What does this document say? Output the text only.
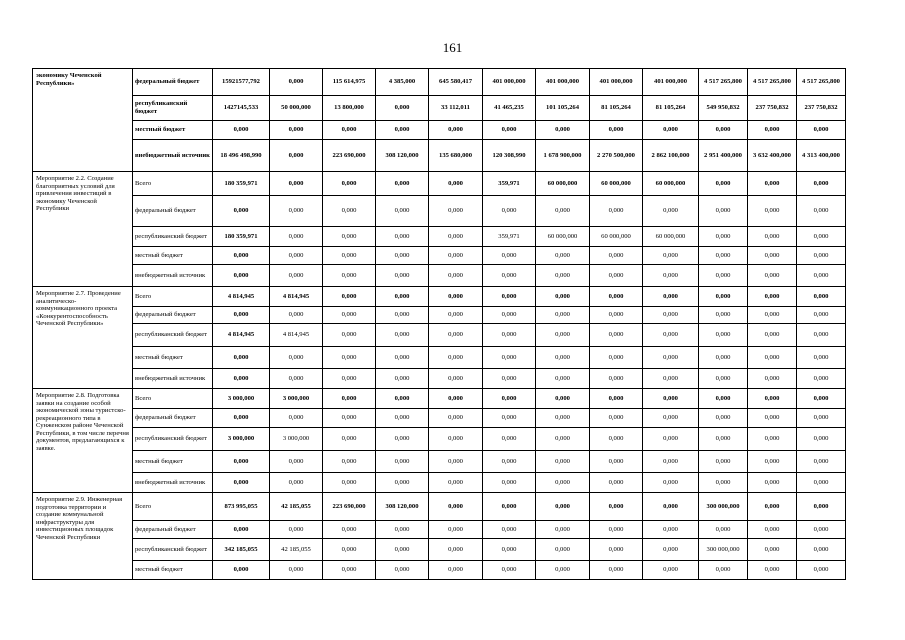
161
экономику Чеченской Республики»	федеральный бюджет	15921577,792	0,000	115 614,975	4 385,000	645 580,417	401 000,000	401 000,000	401 000,000	401 000,000	4 517 265,800	4 517 265,800	4 517 265,800
	республиканский бюджет	1427145,533	50 000,000	13 800,000	0,000	33 112,011	41 465,235	101 105,264	81 105,264	81 105,264	549 950,832	237 750,832	237 750,832
	местный бюджет	0,000	0,000	0,000	0,000	0,000	0,000	0,000	0,000	0,000	0,000	0,000	0,000
	внебюджетный источник	18 496 498,990	0,000	223 690,000	308 120,000	135 680,000	120 308,990	1 678 900,000	2 270 500,000	2 862 100,000	2 951 400,000	3 632 400,000	4 313 400,000
Мероприятие 2.2. Создание благоприятных условий для привлечения инвестиций в экономику Чеченской Республики	Всего	180 359,971	0,000	0,000	0,000	0,000	359,971	60 000,000	60 000,000	60 000,000	0,000	0,000	0,000
	федеральный бюджет	0,000	0,000	0,000	0,000	0,000	0,000	0,000	0,000	0,000	0,000	0,000	0,000
	республиканский бюджет	180 359,971	0,000	0,000	0,000	0,000	359,971	60 000,000	60 000,000	60 000,000	0,000	0,000	0,000
	местный бюджет	0,000	0,000	0,000	0,000	0,000	0,000	0,000	0,000	0,000	0,000	0,000	0,000
	внебюджетный источник	0,000	0,000	0,000	0,000	0,000	0,000	0,000	0,000	0,000	0,000	0,000	0,000
Мероприятие 2.7. Проведение аналитическо-коммуникационного проекта «Конкурентоспособность Чеченской Республики»	Всего	4 814,945	4 814,945	0,000	0,000	0,000	0,000	0,000	0,000	0,000	0,000	0,000	0,000
	федеральный бюджет	0,000	0,000	0,000	0,000	0,000	0,000	0,000	0,000	0,000	0,000	0,000	0,000
	республиканский бюджет	4 814,945	4 814,945	0,000	0,000	0,000	0,000	0,000	0,000	0,000	0,000	0,000	0,000
	местный бюджет	0,000	0,000	0,000	0,000	0,000	0,000	0,000	0,000	0,000	0,000	0,000	0,000
	внебюджетный источник	0,000	0,000	0,000	0,000	0,000	0,000	0,000	0,000	0,000	0,000	0,000	0,000
Мероприятие 2.8. Подготовка заявки на создание особой экономической зоны туристско-рекреационного типа в Сунженском районе Чеченской Республики, в том числе перечня документов, предлагающихся к заявке.	Всего	3 000,000	3 000,000	0,000	0,000	0,000	0,000	0,000	0,000	0,000	0,000	0,000	0,000
	федеральный бюджет	0,000	0,000	0,000	0,000	0,000	0,000	0,000	0,000	0,000	0,000	0,000	0,000
	республиканский бюджет	3 000,000	3 000,000	0,000	0,000	0,000	0,000	0,000	0,000	0,000	0,000	0,000	0,000
	местный бюджет	0,000	0,000	0,000	0,000	0,000	0,000	0,000	0,000	0,000	0,000	0,000	0,000
	внебюджетный источник	0,000	0,000	0,000	0,000	0,000	0,000	0,000	0,000	0,000	0,000	0,000	0,000
Мероприятие 2.9. Инженерная подготовка территории и создание коммунальной инфраструктуры для инвестиционных площадок Чеченской Республики	Всего	873 995,055	42 185,055	223 690,000	308 120,000	0,000	0,000	0,000	0,000	0,000	300 000,000	0,000	0,000
	федеральный бюджет	0,000	0,000	0,000	0,000	0,000	0,000	0,000	0,000	0,000	0,000	0,000	0,000
	республиканский бюджет	342 185,055	42 185,055	0,000	0,000	0,000	0,000	0,000	0,000	0,000	300 000,000	0,000	0,000
	местный бюджет	0,000	0,000	0,000	0,000	0,000	0,000	0,000	0,000	0,000	0,000	0,000	0,000
